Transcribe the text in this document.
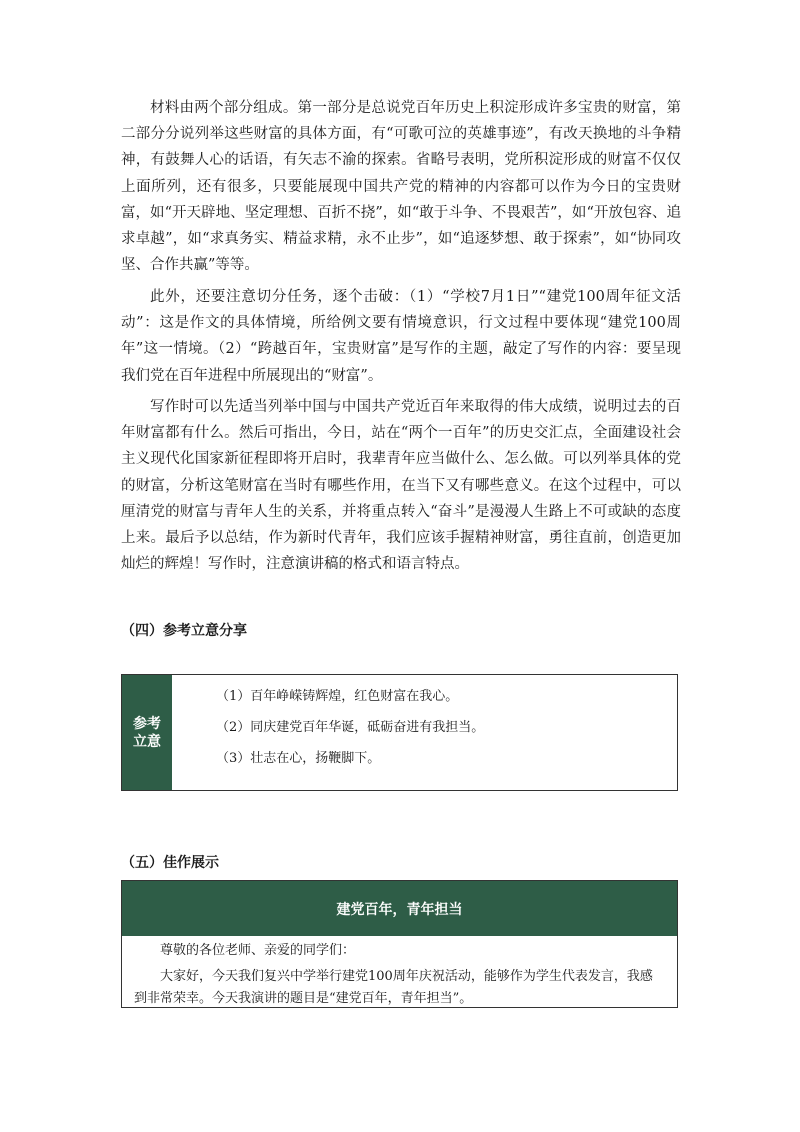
材料由两个部分组成。第一部分是总说党百年历史上积淀形成许多宝贵的财富，第二部分分说列举这些财富的具体方面，有“可歌可泣的英雄事迹”，有改天换地的斗争精神，有鼓舞人心的话语，有矢志不渝的探索。省略号表明，党所积淀形成的财富不仅仅上面所列，还有很多，只要能展现中国共产党的精神的内容都可以作为今日的宝贵财富，如“开天辟地、坚定理想、百折不挠”，如“敢于斗争、不畏艰苦”，如“开放包容、追求卓越”，如“求真务实、精益求精，永不止步”，如“追逐梦想、敢于探索”，如“协同攻坚、合作共赢”等等。

此外，还要注意切分任务，逐个击破：（1）“学校7月1日”“建党100周年征文活动”：这是作文的具体情境，所给例文要有情境意识，行文过程中要体现“建党100周年”这一情境。（2）“跨越百年，宝贵财富”是写作的主题，敲定了写作的内容：要呈现我们党在百年进程中所展现出的“财富”。

写作时可以先适当列举中国与中国共产党近百年来取得的伟大成绩，说明过去的百年财富都有什么。然后可指出，今日，站在“两个一百年”的历史交汇点，全面建设社会主义现代化国家新征程即将开启时，我辈青年应当做什么、怎么做。可以列举具体的党的财富，分析这笔财富在当时有哪些作用，在当下又有哪些意义。在这个过程中，可以厘清党的财富与青年人生的关系，并将重点转入“奋斗”是漫漫人生路上不可或缺的态度上来。最后予以总结，作为新时代青年，我们应该手握精神财富，勇往直前，创造更加灿烂的辉煌！写作时，注意演讲稿的格式和语言特点。

（四）参考立意分享
参考
立意

（1）百年峥嵘铸辉煌，红色财富在我心。

（2）同庆建党百年华诞，砥砺奋进有我担当。

（3）壮志在心，扬鞭脚下。

（五）佳作展示
建党百年，青年担当

尊敬的各位老师、亲爱的同学们：

大家好，今天我们复兴中学举行建党100周年庆祝活动，能够作为学生代表发言，我感到非常荣幸。今天我演讲的题目是“建党百年，青年担当”。
